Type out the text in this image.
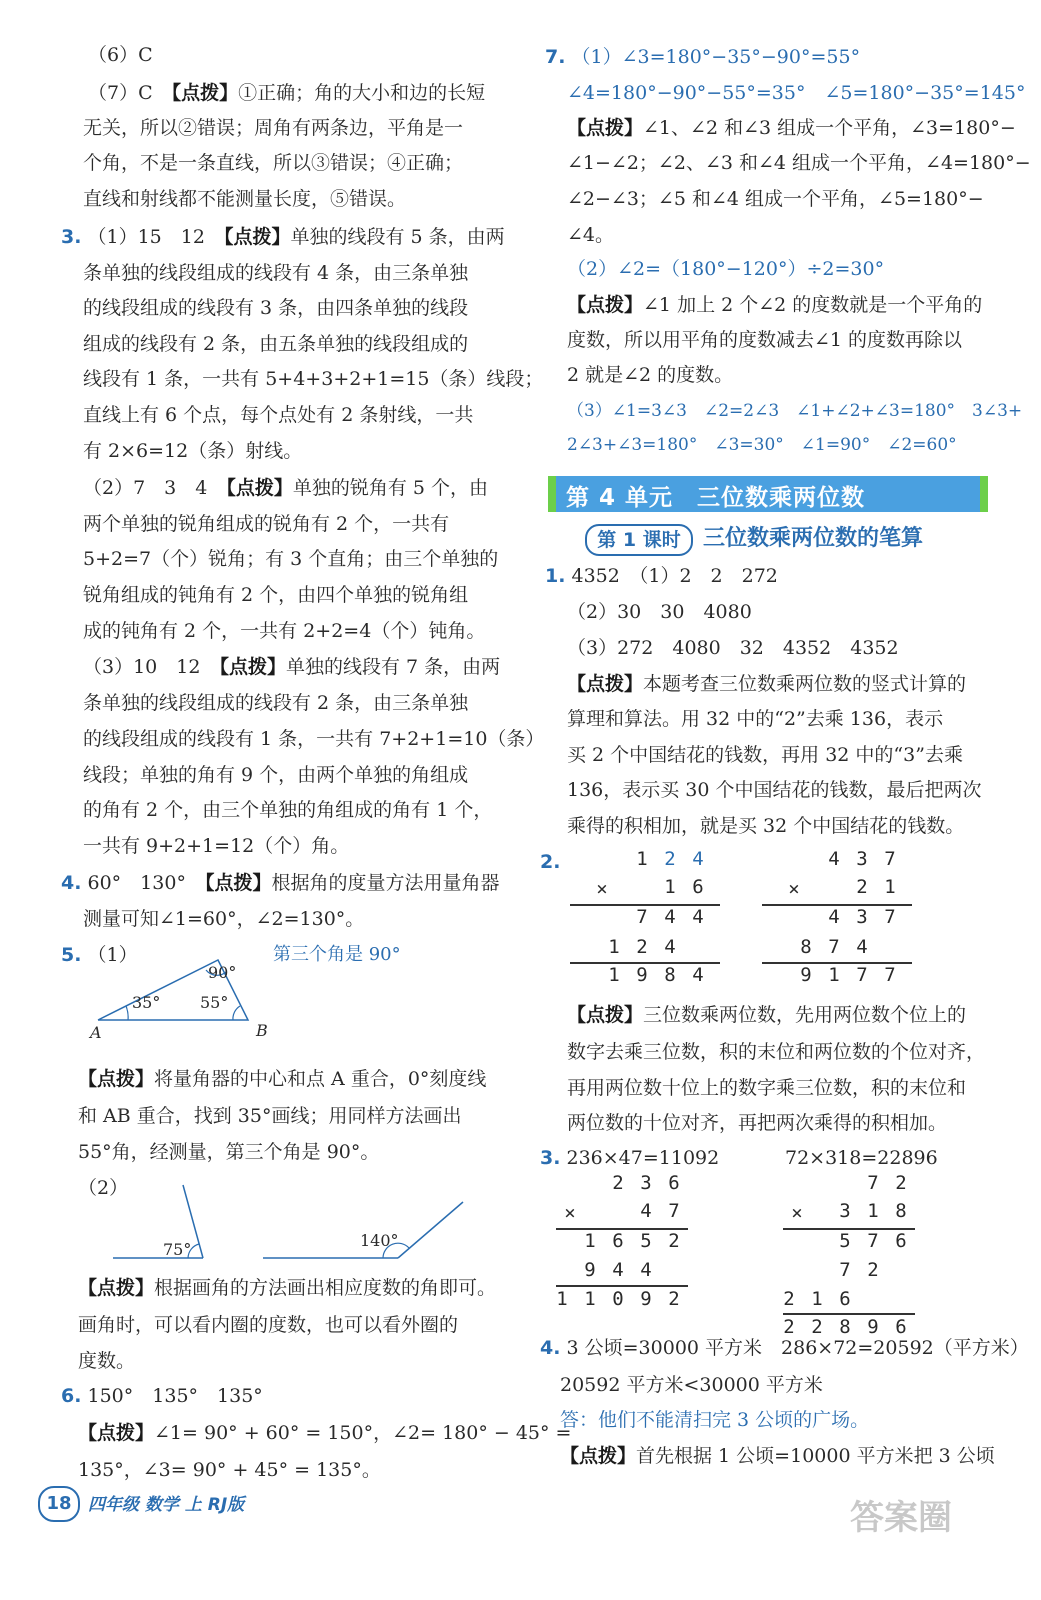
（6）C
（7）C　【点拨】①正确；角的大小和边的长短
无关，所以②错误；周角有两条边，平角是一
个角，不是一条直线，所以③错误；④正确；
直线和射线都不能测量长度，⑤错误。
3. （1）15　12　【点拨】单独的线段有 5 条，由两
条单独的线段组成的线段有 4 条，由三条单独
的线段组成的线段有 3 条，由四条单独的线段
组成的线段有 2 条，由五条单独的线段组成的
线段有 1 条，一共有 5+4+3+2+1=15（条）线段；
直线上有 6 个点，每个点处有 2 条射线，一共
有 2×6=12（条）射线。
（2）7　3　4　【点拨】单独的锐角有 5 个，由
两个单独的锐角组成的锐角有 2 个，一共有
5+2=7（个）锐角；有 3 个直角；由三个单独的
锐角组成的钝角有 2 个，由四个单独的锐角组
成的钝角有 2 个，一共有 2+2=4（个）钝角。
（3）10　12　【点拨】单独的线段有 7 条，由两
条单独的线段组成的线段有 2 条，由三条单独
的线段组成的线段有 1 条，一共有 7+2+1=10（条）
线段；单独的角有 9 个，由两个单独的角组成
的角有 2 个，由三个单独的角组成的角有 1 个，
一共有 9+2+1=12（个）角。
4. 60°　130°　【点拨】根据角的度量方法用量角器
测量可知∠1=60°，∠2=130°。
5. （1）	第三个角是 90°
90°
35° 55°
A	B
【点拨】将量角器的中心和点 A 重合，0°刻度线
和 AB 重合，找到 35°画线；用同样方法画出
55°角，经测量，第三个角是 90°。
（2）
75°	140°
【点拨】根据画角的方法画出相应度数的角即可。
画角时，可以看内圈的度数，也可以看外圈的
度数。
6. 150°　135°　135°
【点拨】∠1= 90° + 60° = 150°，∠2= 180° − 45° =
135°，∠3= 90° + 45° = 135°。
7. （1）∠3=180°−35°−90°=55°
∠4=180°−90°−55°=35°　∠5=180°−35°=145°
【点拨】∠1、∠2 和∠3 组成一个平角，∠3=180°−
∠1−∠2；∠2、∠3 和∠4 组成一个平角，∠4=180°−
∠2−∠3；∠5 和∠4 组成一个平角，∠5=180°−
∠4。
（2）∠2=（180°−120°）÷2=30°
【点拨】∠1 加上 2 个∠2 的度数就是一个平角的
度数，所以用平角的度数减去∠1 的度数再除以
2 就是∠2 的度数。
（3）∠1=3∠3　∠2=2∠3　∠1+∠2+∠3=180°　3∠3+
2∠3+∠3=180°　∠3=30°　∠1=90°　∠2=60°
第 4 单元　三位数乘两位数
第 1 课时	三位数乘两位数的笔算
1. 4352　（1）2　2　272
（2）30　30　4080
（3）272　4080　32　4352　4352
【点拨】本题考查三位数乘两位数的竖式计算的
算理和算法。用 32 中的“2”去乘 136，表示
买 2 个中国结花的钱数，再用 32 中的“3”去乘
136，表示买 30 个中国结花的钱数，最后把两次
乘得的积相加，就是买 32 个中国结花的钱数。
2.	1 2 4
×	1 6
7 4 4
1 2 4
1 9 8 4
4 3 7
×	2 1
4 3 7
8 7 4
9 1 7 7
【点拨】三位数乘两位数，先用两位数个位上的
数字去乘三位数，积的末位和两位数的个位对齐，
再用两位数十位上的数字乘三位数，积的末位和
两位数的十位对齐，再把两次乘得的积相加。
3. 236×47=11092	72×318=22896
2 3 6
×	4 7
1 6 5 2
9 4 4
1 1 0 9 2
7 2
×	3 1 8
5 7 6
7 2
2 1 6
2 2 8 9 6
4. 3 公顷=30000 平方米　286×72=20592（平方米）
20592 平方米<30000 平方米
答：他们不能清扫完 3 公顷的广场。
【点拨】首先根据 1 公顷=10000 平方米把 3 公顷
18 四年级 数学 上 RJ版	答案圈
